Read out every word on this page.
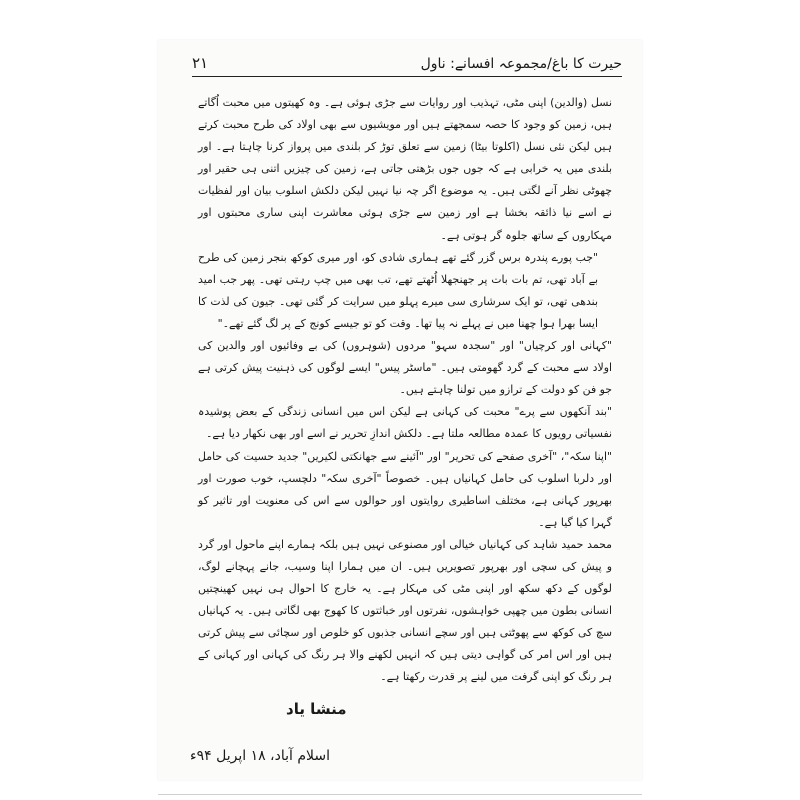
٢١	حیرت کا باغ/مجموعہ افسانے: ناول

نسل (والدین) اپنی مٹی، تہذیب اور روایات سے جڑی ہوئی ہے۔ وہ کھیتوں میں محبت اُگاتے ہیں، زمین کو وجود کا حصہ سمجھتے ہیں اور مویشیوں سے بھی اولاد کی طرح محبت کرتے ہیں لیکن نئی نسل (اکلوتا بیٹا) زمین سے تعلق توڑ کر بلندی میں پرواز کرنا چاہتا ہے۔ اور بلندی میں یہ خرابی ہے کہ جوں جوں بڑھتی جاتی ہے، زمین کی چیزیں اتنی ہی حقیر اور چھوٹی نظر آنے لگتی ہیں۔ یہ موضوع اگر چہ نیا نہیں لیکن دلکش اسلوب بیان اور لفظیات نے اسے نیا ذائقہ بخشا ہے اور زمین سے جڑی ہوئی معاشرت اپنی ساری محبتوں اور مہکاروں کے ساتھ جلوہ گر ہوتی ہے۔

"جب پورے پندرہ برس گزر گئے تھے ہماری شادی کو، اور میری کوکھ بنجر زمین کی طرح بے آباد تھی، تم بات بات پر جھنجھلا اُٹھتے تھے، تب بھی میں چپ رہتی تھی۔ پھر جب امید بندھی تھی، تو ایک سرشاری سی میرے پہلو میں سرایت کر گئی تھی۔ جیون کی لذت کا ایسا بھرا ہوا چھنا میں نے پہلے نہ پیا تھا۔ وقت کو تو جیسے کونج کے پر لگ گئے تھے۔"

"کہانی اور کرچیاں" اور "سجدہ سہو" مردوں (شوہروں) کی بے وفائیوں اور والدین کی اولاد سے محبت کے گرد گھومتی ہیں۔ "ماسٹر پیس" ایسے لوگوں کی ذہنیت پیش کرتی ہے جو فن کو دولت کے ترازو میں تولنا چاہتے ہیں۔

"بند آنکھوں سے پرے" محبت کی کہانی ہے لیکن اس میں انسانی زندگی کے بعض پوشیدہ نفسیاتی رویوں کا عمدہ مطالعہ ملتا ہے۔ دلکش اندازِ تحریر نے اسے اور بھی نکھار دیا ہے۔

"اپنا سکہ"، "آخری صفحے کی تحریر" اور "آئینے سے جھانکتی لکیریں" جدید حسیت کی حامل اور دلربا اسلوب کی حامل کہانیاں ہیں۔ خصوصاً "آخری سکہ" دلچسپ، خوب صورت اور بھرپور کہانی ہے، مختلف اساطیری روایتوں اور حوالوں سے اس کی معنویت اور تاثیر کو گہرا کیا گیا ہے۔

محمد حمید شاہد کی کہانیاں خیالی اور مصنوعی نہیں ہیں بلکہ ہمارے اپنے ماحول اور گرد و پیش کی سچی اور بھرپور تصویریں ہیں۔ ان میں ہمارا اپنا وسیب، جانے پہچانے لوگ، لوگوں کے دکھ سکھ اور اپنی مٹی کی مہکار ہے۔ یہ خارج کا احوال ہی نہیں کھینچتیں انسانی بطون میں چھپی خواہشوں، نفرتوں اور خباثتوں کا کھوج بھی لگاتی ہیں۔ یہ کہانیاں سچ کی کوکھ سے پھوٹتی ہیں اور سچے انسانی جذبوں کو خلوص اور سچائی سے پیش کرتی ہیں اور اس امر کی گواہی دیتی ہیں کہ انہیں لکھنے والا ہر رنگ کی کہانی اور کہانی کے ہر رنگ کو اپنی گرفت میں لینے پر قدرت رکھتا ہے۔

منشا یاد
اسلام آباد، ۱۸ اپریل ۹۴ء
